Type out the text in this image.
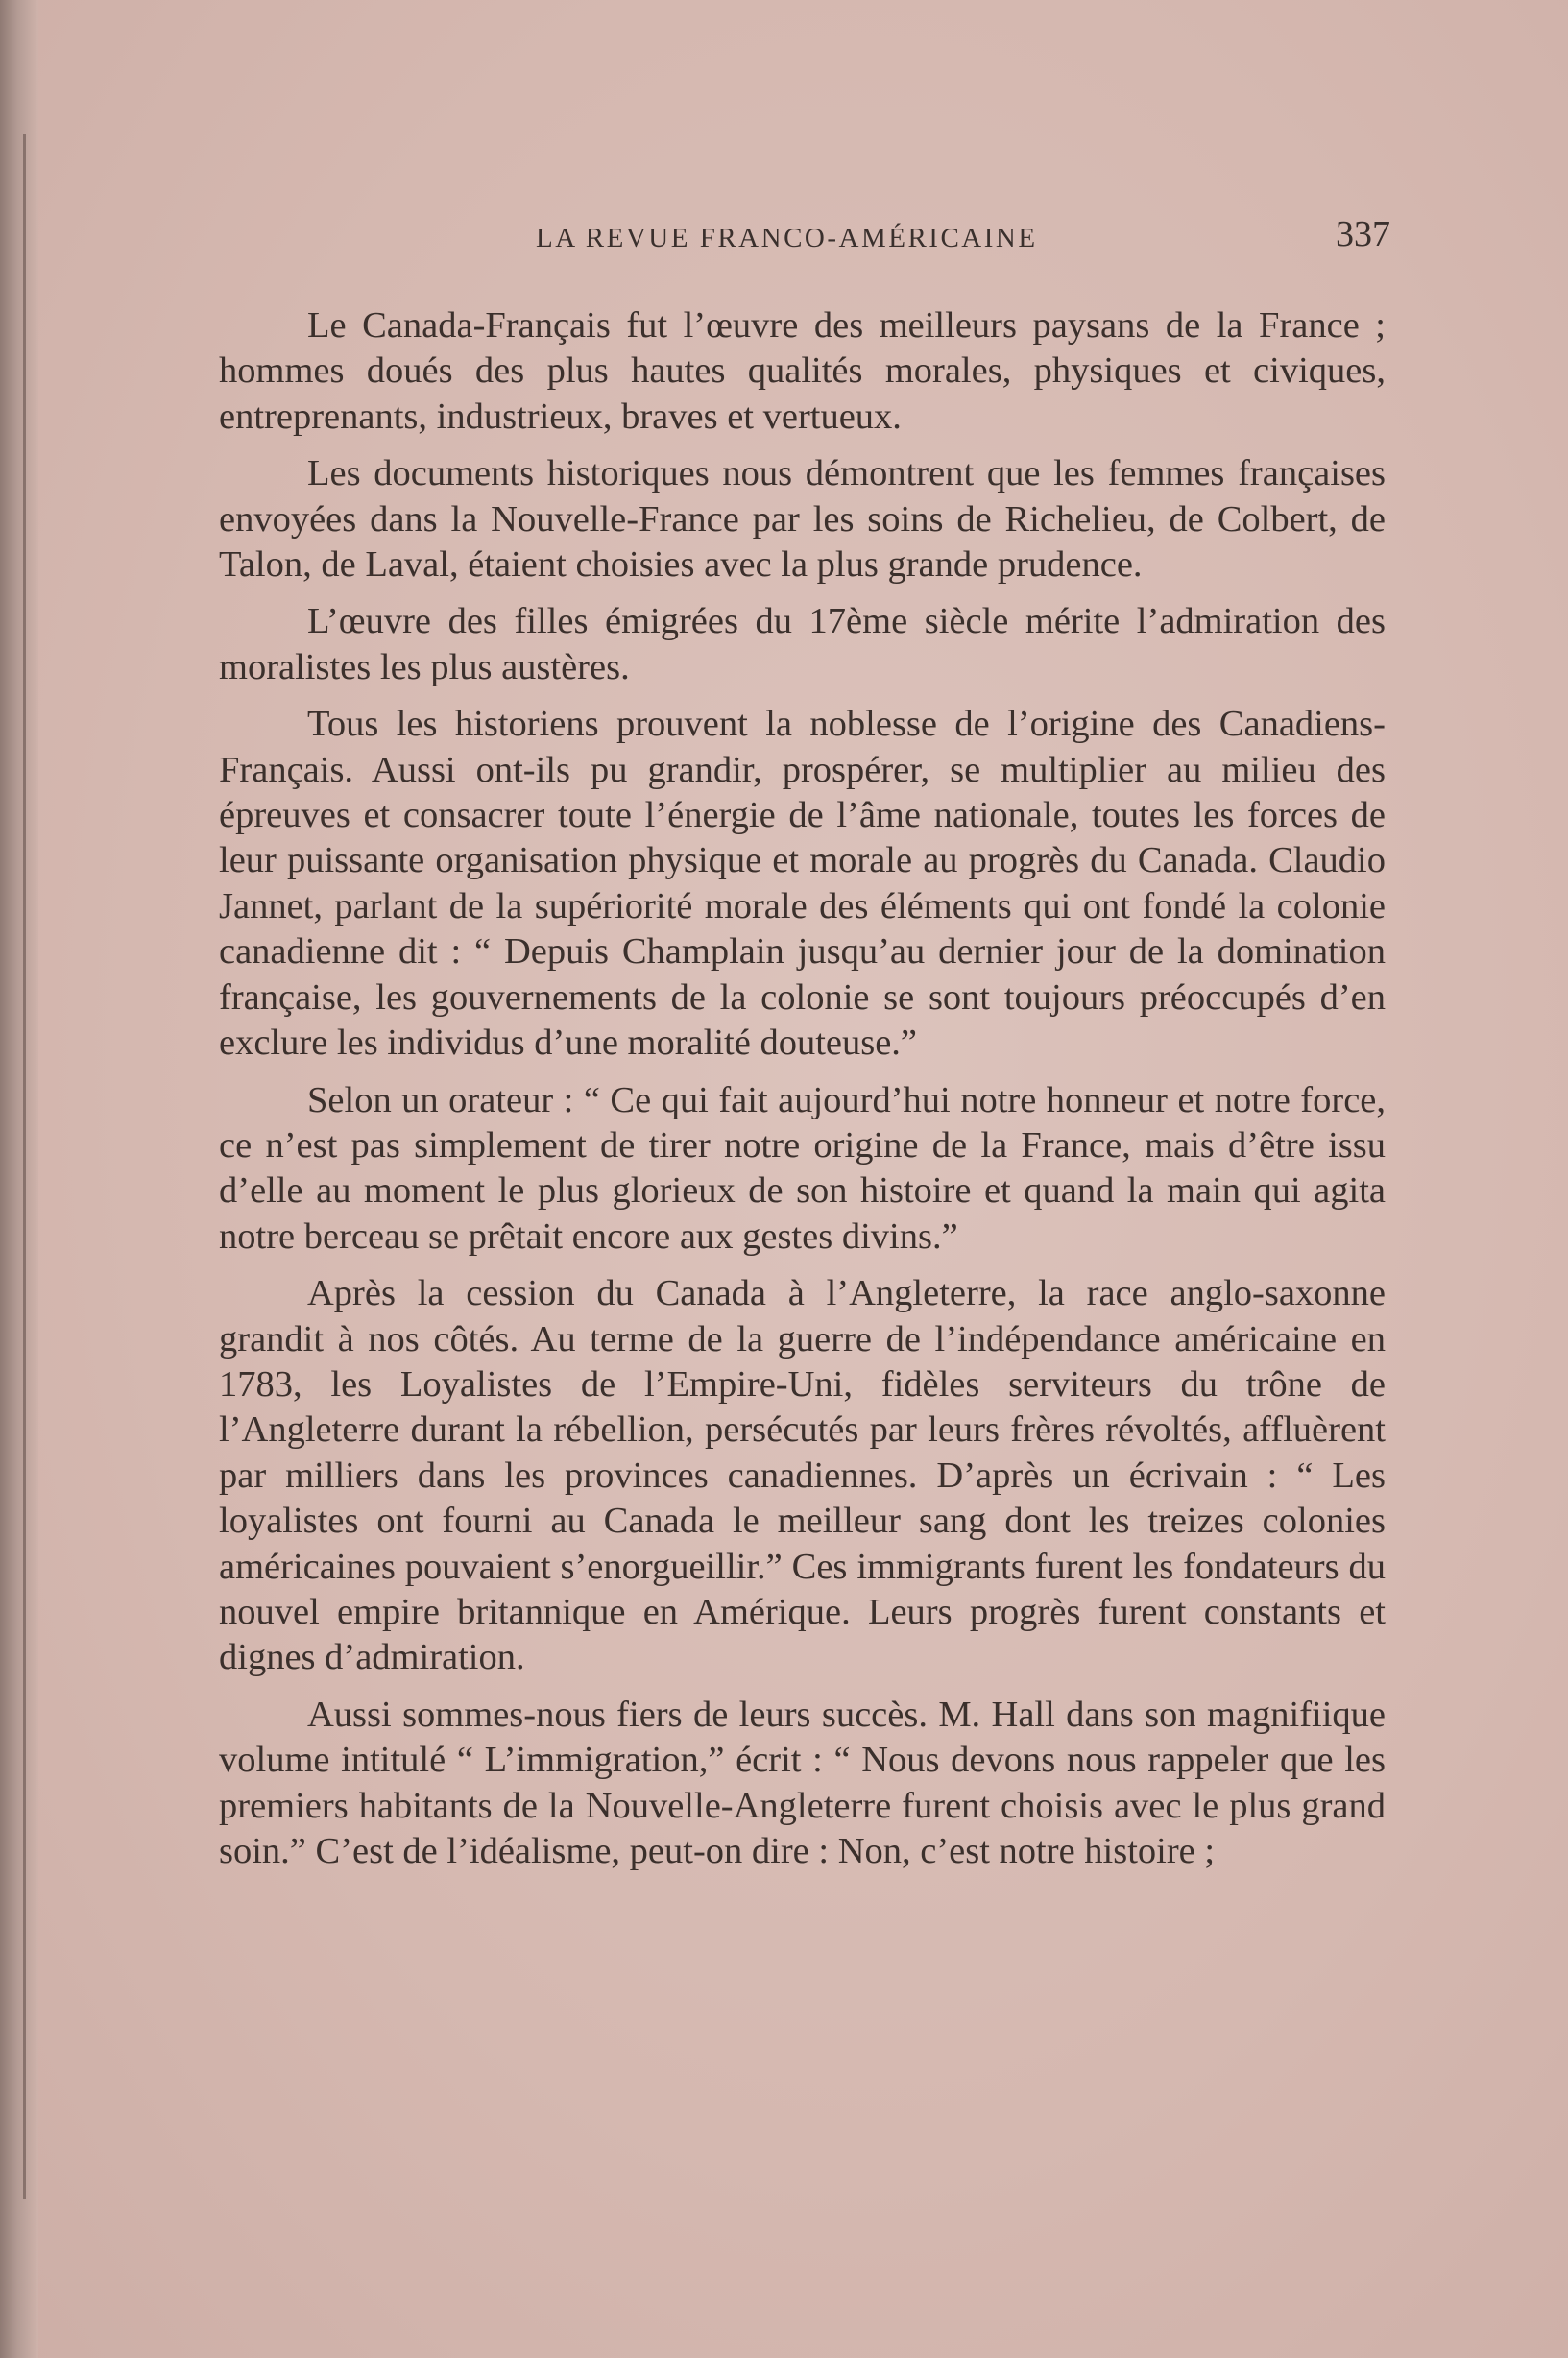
LA REVUE FRANCO-AMÉRICAINE	337

Le Canada-Français fut l’œuvre des meilleurs paysans de la France ; hommes doués des plus hautes qualités morales, physiques et civiques, entreprenants, industrieux, braves et vertueux.

Les documents historiques nous démontrent que les femmes françaises envoyées dans la Nouvelle-France par les soins de Richelieu, de Colbert, de Talon, de Laval, étaient choisies avec la plus grande prudence.

L’œuvre des filles émigrées du 17ème siècle mérite l’admiration des moralistes les plus austères.

Tous les historiens prouvent la noblesse de l’origine des Canadiens-Français. Aussi ont-ils pu grandir, prospérer, se multiplier au milieu des épreuves et consacrer toute l’énergie de l’âme nationale, toutes les forces de leur puissante organisation physique et morale au progrès du Canada. Claudio Jannet, parlant de la supériorité morale des éléments qui ont fondé la colonie canadienne dit : “ Depuis Champlain jusqu’au dernier jour de la domination française, les gouvernements de la colonie se sont toujours préoccupés d’en exclure les individus d’une moralité douteuse.”

Selon un orateur : “ Ce qui fait aujourd’hui notre honneur et notre force, ce n’est pas simplement de tirer notre origine de la France, mais d’être issu d’elle au moment le plus glorieux de son histoire et quand la main qui agita notre berceau se prêtait encore aux gestes divins.”

Après la cession du Canada à l’Angleterre, la race anglo-saxonne grandit à nos côtés. Au terme de la guerre de l’indépendance américaine en 1783, les Loyalistes de l’Empire-Uni, fidèles serviteurs du trône de l’Angleterre durant la rébellion, persécutés par leurs frères révoltés, affluèrent par milliers dans les provinces canadiennes. D’après un écrivain : “ Les loyalistes ont fourni au Canada le meilleur sang dont les treizes colonies américaines pouvaient s’enorgueillir.” Ces immigrants furent les fondateurs du nouvel empire britannique en Amérique. Leurs progrès furent constants et dignes d’admiration.

Aussi sommes-nous fiers de leurs succès. M. Hall dans son magnifiique volume intitulé “ L’immigration,” écrit : “ Nous devons nous rappeler que les premiers habitants de la Nouvelle-Angleterre furent choisis avec le plus grand soin.” C’est de l’idéalisme, peut-on dire : Non, c’est notre histoire ;
